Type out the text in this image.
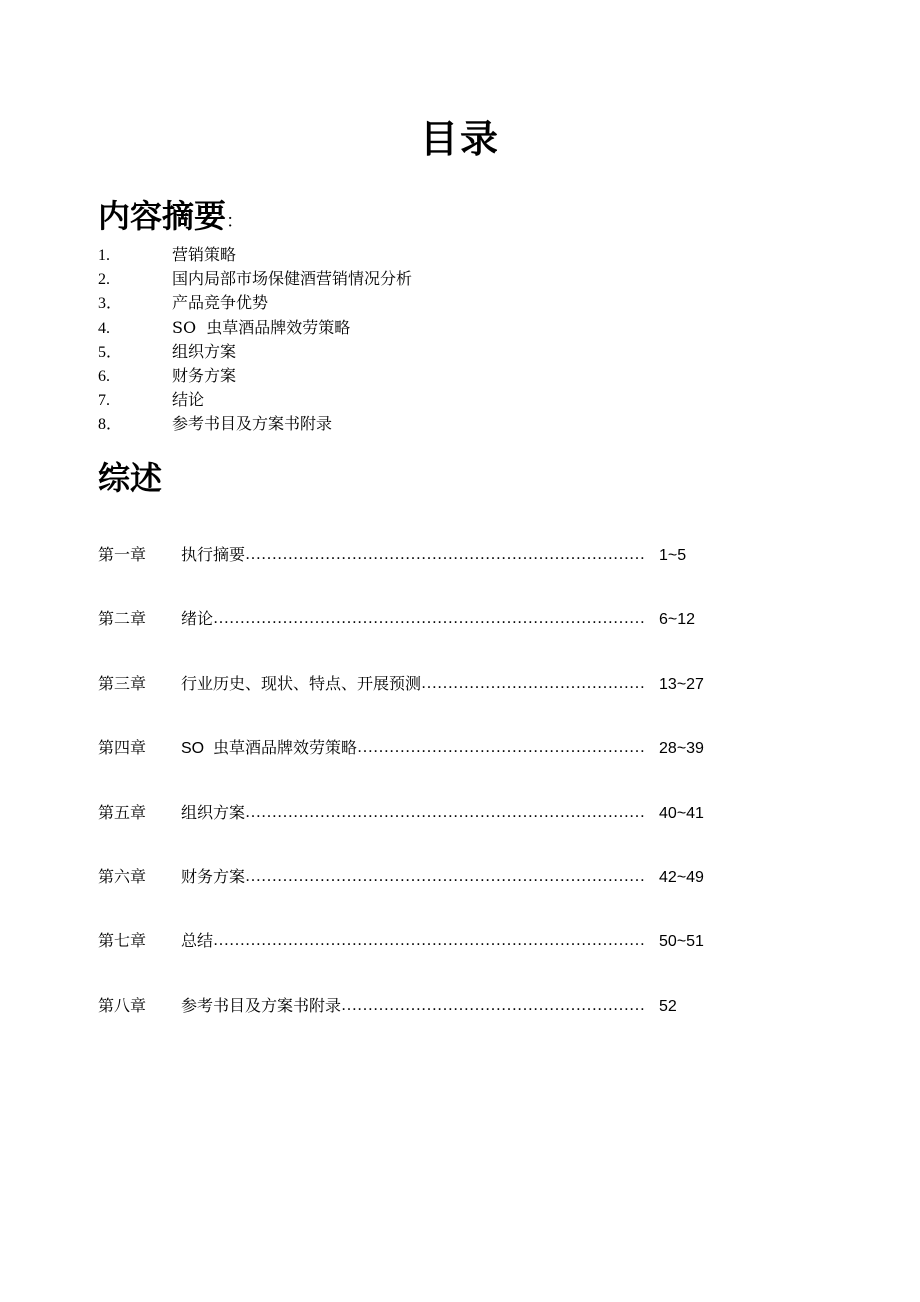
目录
内容摘要：
1.	营销策略
2.	国内局部市场保健酒营销情况分析
3．	产品竞争优势
4.	SO  虫草酒品牌效劳策略
5．	组织方案
6.	财务方案
7.	结论
8．	参考书目及方案书附录
综述
第一章 执行摘要………………………………………………………………… 1~5
第二章 绪论……………………………………………………………………… 6~12
第三章 行业历史、现状、特点、开展预测…………………………………… 13~27
第四章 SO  虫草酒品牌效劳策略……………………………………………… 28~39
第五章 组织方案………………………………………………………………… 40~41
第六章 财务方案………………………………………………………………… 42~49
第七章 总结……………………………………………………………………… 50~51
第八章 参考书目及方案书附录………………………………………………… 52
